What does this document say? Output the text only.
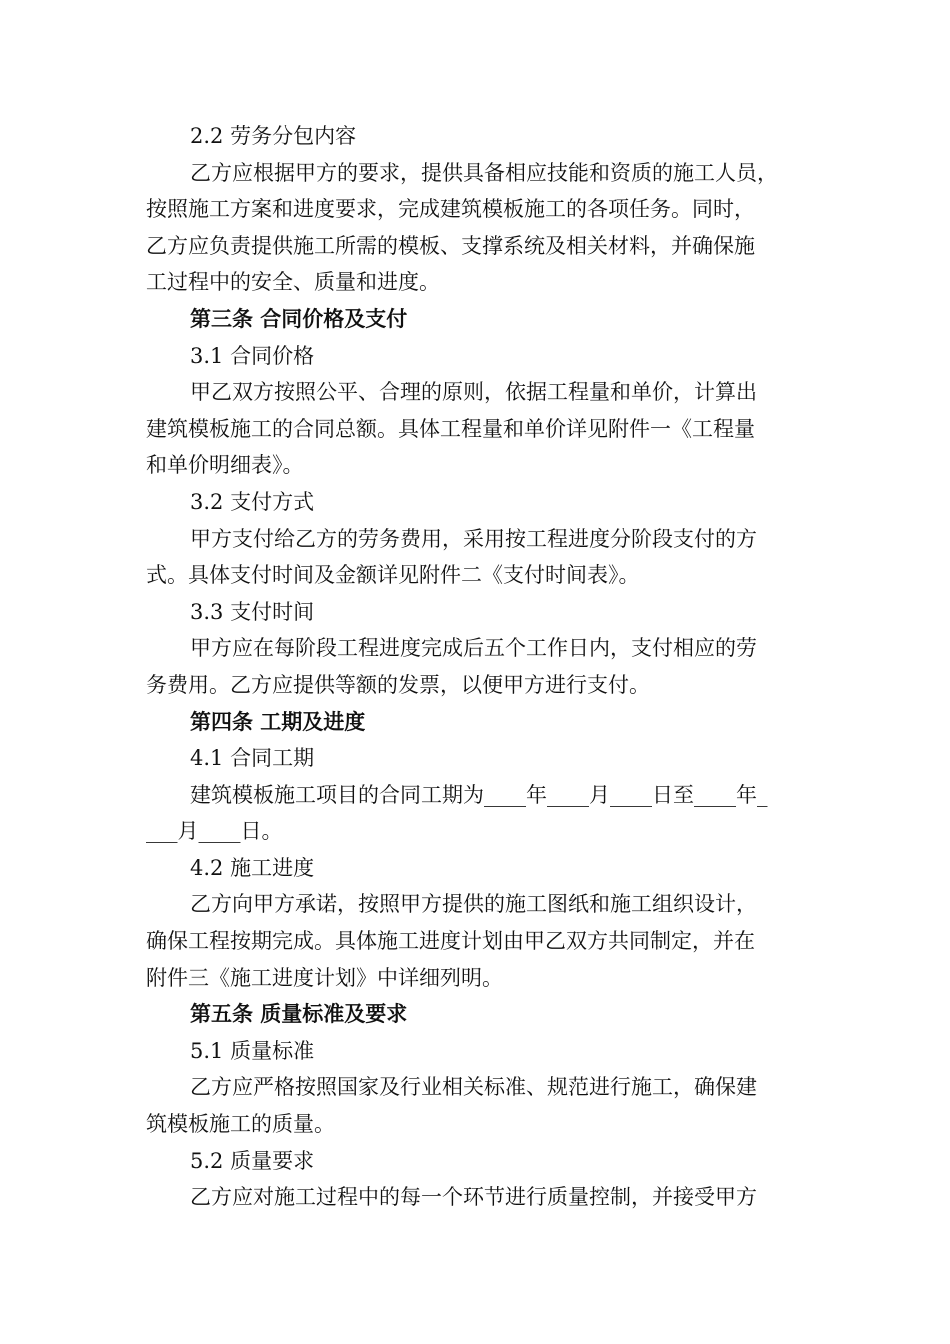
2.2 劳务分包内容
乙方应根据甲方的要求，提供具备相应技能和资质的施工人员，
按照施工方案和进度要求，完成建筑模板施工的各项任务。同时，
乙方应负责提供施工所需的模板、支撑系统及相关材料，并确保施
工过程中的安全、质量和进度。
第三条 合同价格及支付
3.1 合同价格
甲乙双方按照公平、合理的原则，依据工程量和单价，计算出
建筑模板施工的合同总额。具体工程量和单价详见附件一《工程量
和单价明细表》。
3.2 支付方式
甲方支付给乙方的劳务费用，采用按工程进度分阶段支付的方
式。具体支付时间及金额详见附件二《支付时间表》。
3.3 支付时间
甲方应在每阶段工程进度完成后五个工作日内，支付相应的劳
务费用。乙方应提供等额的发票，以便甲方进行支付。
第四条 工期及进度
4.1 合同工期
建筑模板施工项目的合同工期为____年____月____日至____年_
___月____日。
4.2 施工进度
乙方向甲方承诺，按照甲方提供的施工图纸和施工组织设计，
确保工程按期完成。具体施工进度计划由甲乙双方共同制定，并在
附件三《施工进度计划》中详细列明。
第五条 质量标准及要求
5.1 质量标准
乙方应严格按照国家及行业相关标准、规范进行施工，确保建
筑模板施工的质量。
5.2 质量要求
乙方应对施工过程中的每一个环节进行质量控制，并接受甲方
